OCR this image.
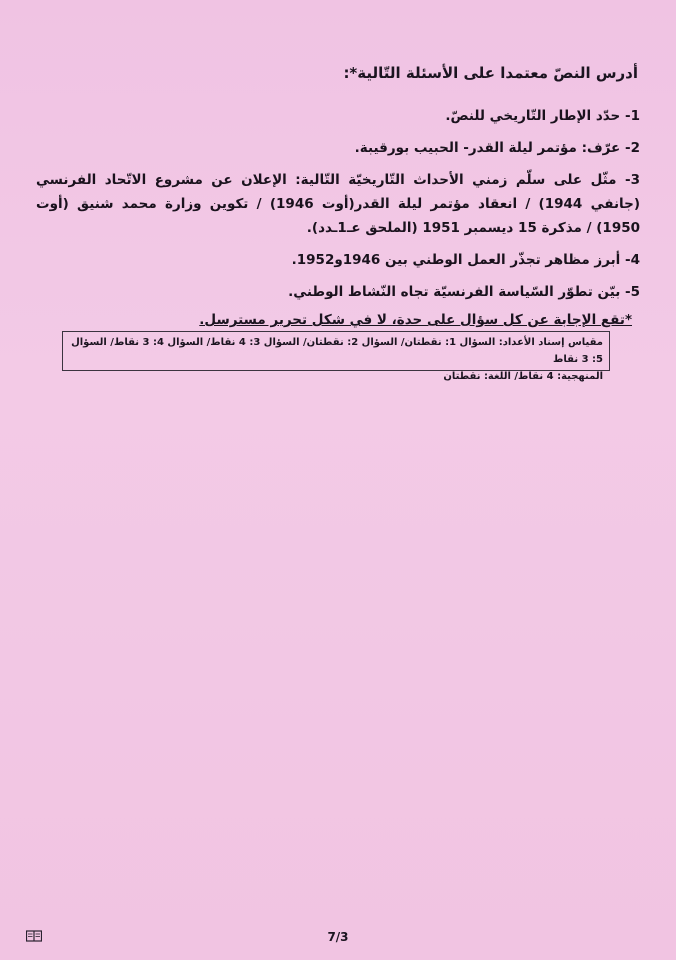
أدرس النصّ معتمدا على الأسئلة التّالية*:

1- حدّد الإطار التّاريخي للنصّ.

2- عرّف: مؤتمر ليلة القدر- الحبيب بورقيبة.

3- مثّل على سلّم زمني الأحداث التّاريخيّة التّالية: الإعلان عن مشروع الاتّحاد الفرنسي (جانفي 1944) / انعقاد مؤتمر ليلة القدر(أوت 1946) / تكوين وزارة محمد شنيق (أوت 1950) / مذكرة 15 ديسمبر 1951 (الملحق عـ1ـدد).

4- أبرز مظاهر تجذّر العمل الوطني بين 1946و1952.

5- بيّن تطوّر السّياسة الفرنسيّة تجاه النّشاط الوطني.

*تقع الإجابة عن كل سؤال على حدة، لا في شكل تحرير مسترسل.

مقياس إسناد الأعداد: السؤال 1: نقطتان/ السؤال 2: نقطتان/ السؤال 3: 4 نقاط/ السؤال 4: 3 نقاط/ السؤال 5: 3 نقاط
المنهجية: 4 نقاط/ اللغة: نقطتان
7/3
